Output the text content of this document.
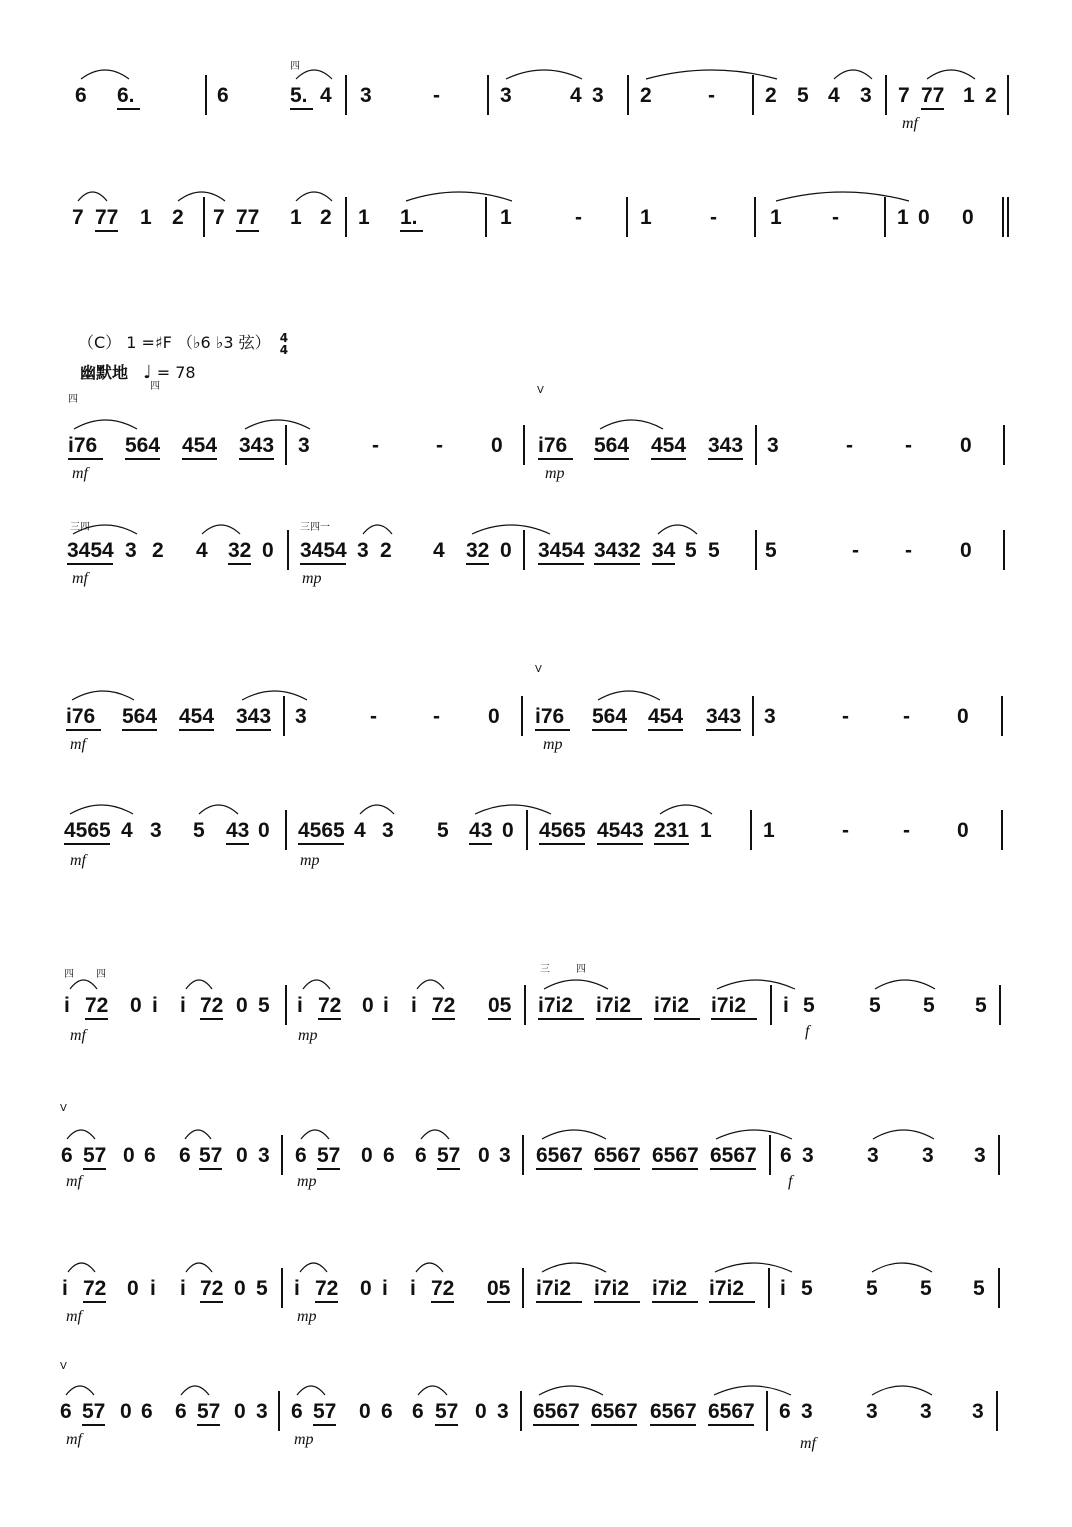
（C） 1 =♯F （♭6 ♭3 弦） 4
4
幽默地 ♩ = 78
6 6.	6	5. 4 3	-	3	4 3 2	- 2 5 4 3 7 77 1 2
mf
四
7 77 1 2 7 77 1 2 1 1.	1	-	1	-	1 -	1 0 0
i76 564 454 343 3	-	- 0 i76 564 454 343 3	- - 0
mf	mp
四
四	V
3454 3 2 4 32 0 3454 3 2 4 32 0 3454 3432 34 5 5 5	- - 0
mf	mp
三四	三四一
i76 564 454 343 3	-	- 0 i76 564 454 343 3	-	- 0
mf	mp
V
4565 4 3 5 43 0 4565 4 3 5 43 0 4565 4543 231 1 1	-	- 0
mf	mp
i 72 0 i i 72 0 5 i 72 0 i i 72 05 i7i2 i7i2 i7i2 i7i2 i 5	5 5 5
mf	mp	f
四 四	三	四
6 57 0 6 6 57 0 3 6 57 0 6 6 57 0 3 6567 6567 6567 6567 6 3	3 3 3
mf	mp	f
V
i 72 0 i i 72 0 5 i 72 0 i i 72 05 i7i2 i7i2 i7i2 i7i2 i 5	5 5 5
mf	mp
6 57 0 6 6 57 0 3 6 57 0 6 6 57 0 3 6567 6567 6567 6567 6 3	3 3 3
mf	mp	mf
V
